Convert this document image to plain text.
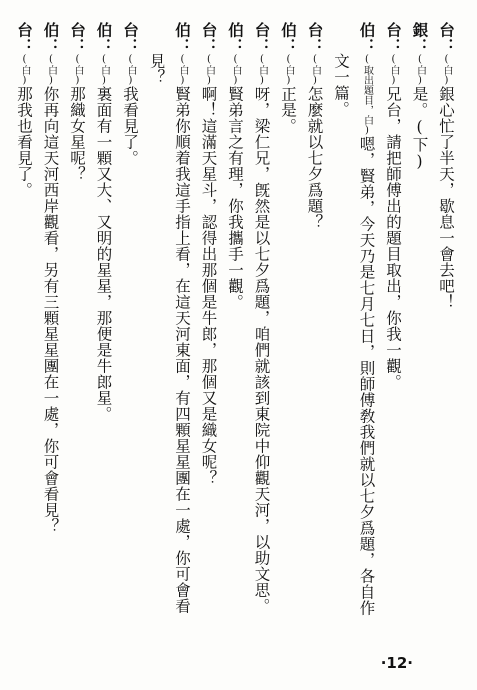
台：(白)銀心忙了半天，歇息一會去吧！
銀：(白)是。(下)
台：(白)兄台，請把師傅出的題目取出，你我一觀。
伯：(取出題目，白)嗯，賢弟，今天乃是七月七日，則師傅敎我們就以七夕爲題，各自作
文一篇。
台：(白)怎麼就以七夕爲題？
伯：(白)正是。
台：(白)呀，梁仁兄，旣然是以七夕爲題，咱們就該到東院中仰觀天河，以助文思。
伯：(白)賢弟言之有理，你我攜手一觀。
台：(白)啊！這滿天星斗，認得出那個是牛郎，那個又是織女呢？
伯：(白)賢弟你順着我這手指上看，在這天河東面，有四顆星星團在一處，你可會看
見？
台：(白)我看見了。
伯：(白)裏面有一顆又大、又明的星星，那便是牛郎星。
台：(白)那織女星呢？
伯：(白)你再向這天河西岸觀看，另有三顆星星團在一處，你可會看見？
台：(白)那我也看見了。
·12·
